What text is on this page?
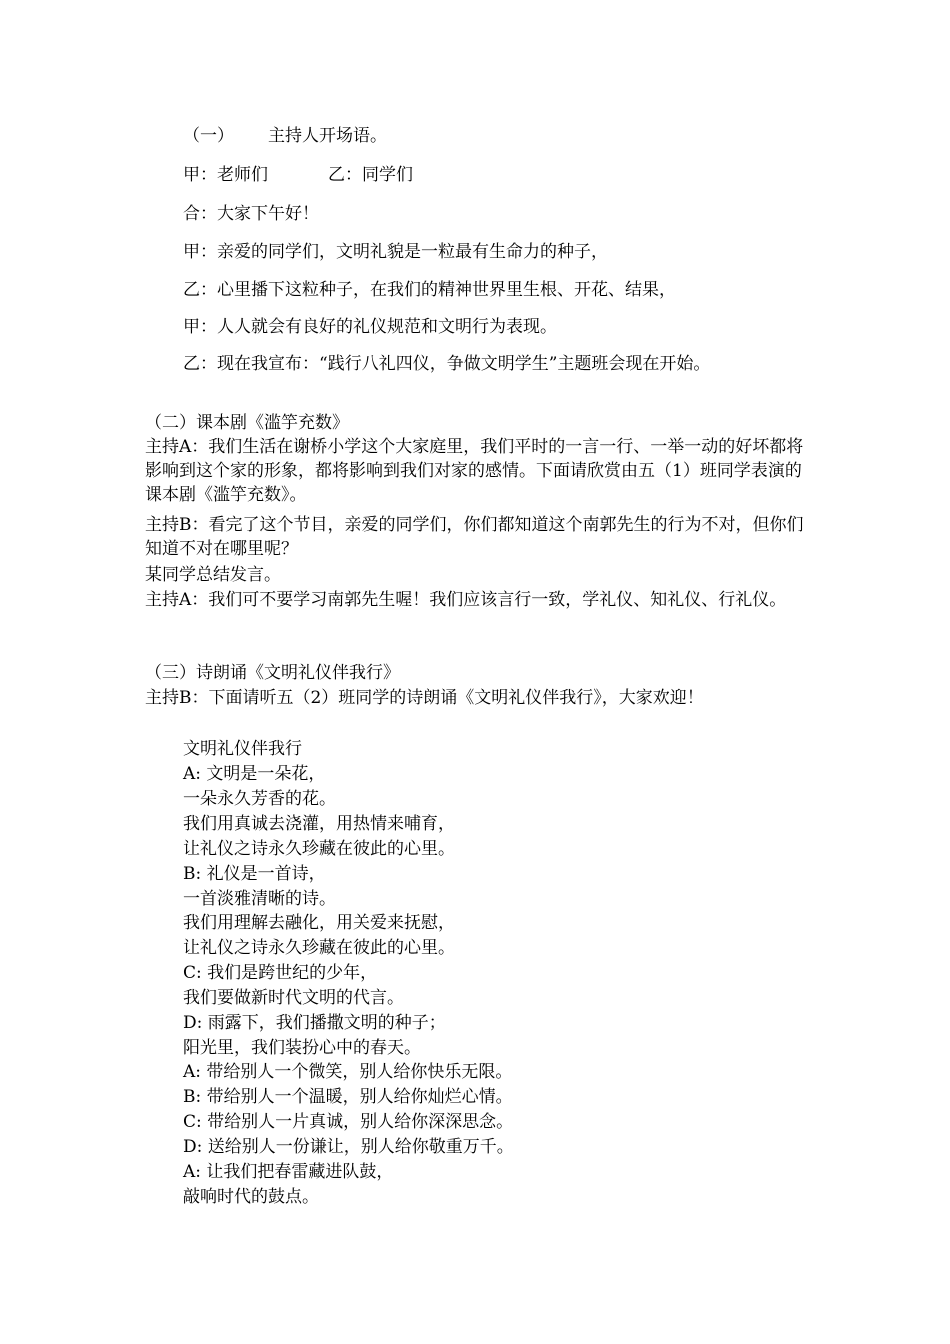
（一） 主持人开场语。
甲：老师们	乙：同学们
合：大家下午好！
甲：亲爱的同学们，文明礼貌是一粒最有生命力的种子，
乙：心里播下这粒种子，在我们的精神世界里生根、开花、结果，
甲：人人就会有良好的礼仪规范和文明行为表现。
乙：现在我宣布：“践行八礼四仪，争做文明学生”主题班会现在开始。
（二）课本剧《滥竽充数》
主持A：我们生活在谢桥小学这个大家庭里，我们平时的一言一行、一举一动的好坏都将影响到这个家的形象，都将影响到我们对家的感情。下面请欣赏由五（1）班同学表演的课本剧《滥竽充数》。
主持B：看完了这个节目，亲爱的同学们，你们都知道这个南郭先生的行为不对，但你们知道不对在哪里呢？
某同学总结发言。
主持A：我们可不要学习南郭先生喔！我们应该言行一致，学礼仪、知礼仪、行礼仪。
（三）诗朗诵《文明礼仪伴我行》
主持B：下面请听五（2）班同学的诗朗诵《文明礼仪伴我行》，大家欢迎！
文明礼仪伴我行
A: 文明是一朵花，
一朵永久芳香的花。
我们用真诚去浇灌，用热情来哺育，
让礼仪之诗永久珍藏在彼此的心里。
B: 礼仪是一首诗，
一首淡雅清晰的诗。
我们用理解去融化，用关爱来抚慰，
让礼仪之诗永久珍藏在彼此的心里。
C: 我们是跨世纪的少年，
我们要做新时代文明的代言。
D: 雨露下，我们播撒文明的种子；
阳光里，我们装扮心中的春天。
A: 带给别人一个微笑，别人给你快乐无限。
B: 带给别人一个温暖，别人给你灿烂心情。
C: 带给别人一片真诚，别人给你深深思念。
D: 送给别人一份谦让，别人给你敬重万千。
A: 让我们把春雷藏进队鼓，
敲响时代的鼓点。
